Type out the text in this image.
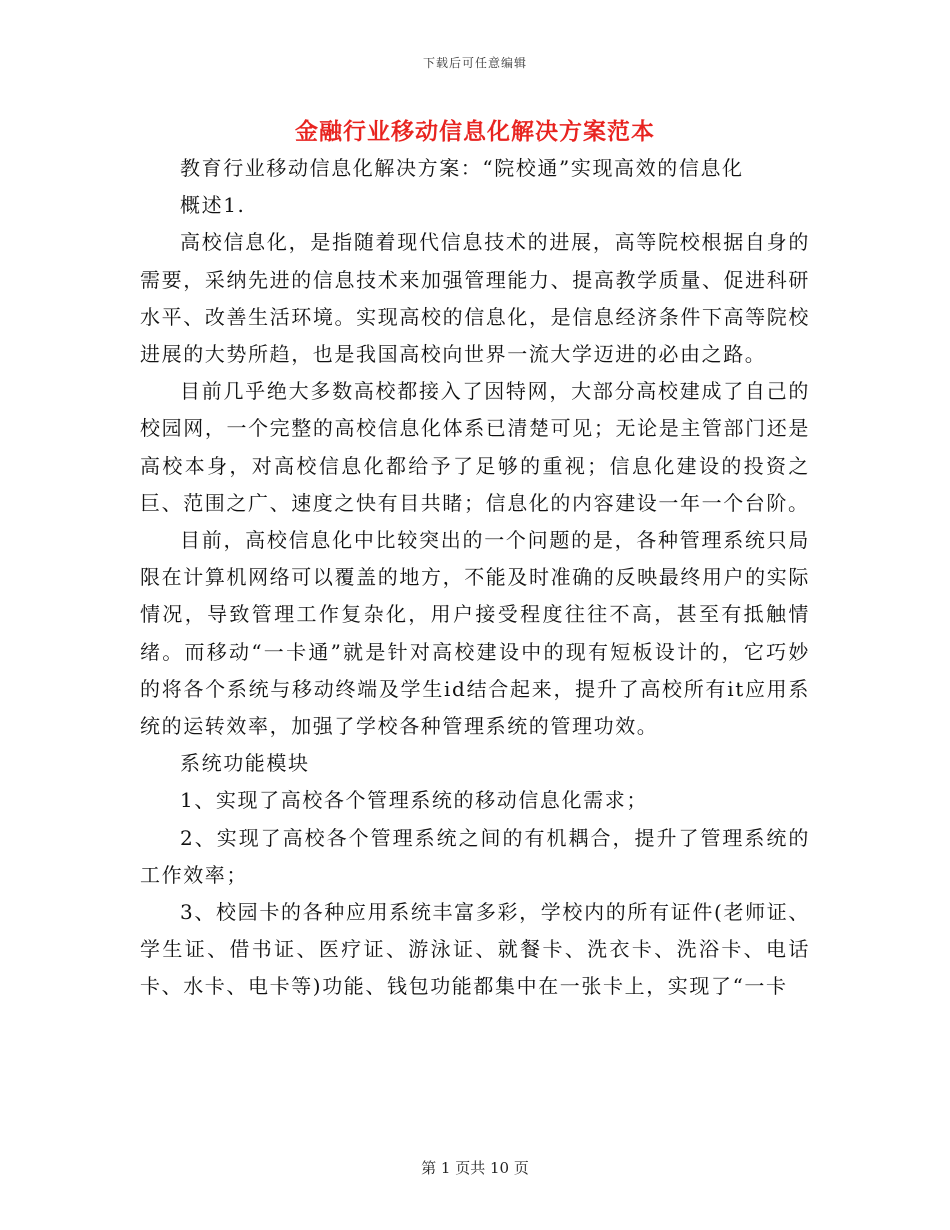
下载后可任意编辑
金融行业移动信息化解决方案范本

教育行业移动信息化解决方案：“院校通”实现高效的信息化

概述1.

高校信息化，是指随着现代信息技术的进展，高等院校根据自身的需要，采纳先进的信息技术来加强管理能力、提高教学质量、促进科研水平、改善生活环境。实现高校的信息化，是信息经济条件下高等院校进展的大势所趋，也是我国高校向世界一流大学迈进的必由之路。

目前几乎绝大多数高校都接入了因特网，大部分高校建成了自己的校园网，一个完整的高校信息化体系已清楚可见；无论是主管部门还是高校本身，对高校信息化都给予了足够的重视；信息化建设的投资之巨、范围之广、速度之快有目共睹；信息化的内容建设一年一个台阶。

目前，高校信息化中比较突出的一个问题的是，各种管理系统只局限在计算机网络可以覆盖的地方，不能及时准确的反映最终用户的实际情况，导致管理工作复杂化，用户接受程度往往不高，甚至有抵触情绪。而移动“一卡通”就是针对高校建设中的现有短板设计的，它巧妙的将各个系统与移动终端及学生id结合起来，提升了高校所有it应用系统的运转效率，加强了学校各种管理系统的管理功效。

系统功能模块

1、实现了高校各个管理系统的移动信息化需求；

2、实现了高校各个管理系统之间的有机耦合，提升了管理系统的工作效率；

3、校园卡的各种应用系统丰富多彩，学校内的所有证件(老师证、学生证、借书证、医疗证、游泳证、就餐卡、洗衣卡、洗浴卡、电话卡、水卡、电卡等)功能、钱包功能都集中在一张卡上，实现了“一卡

第 1 页共 10 页
